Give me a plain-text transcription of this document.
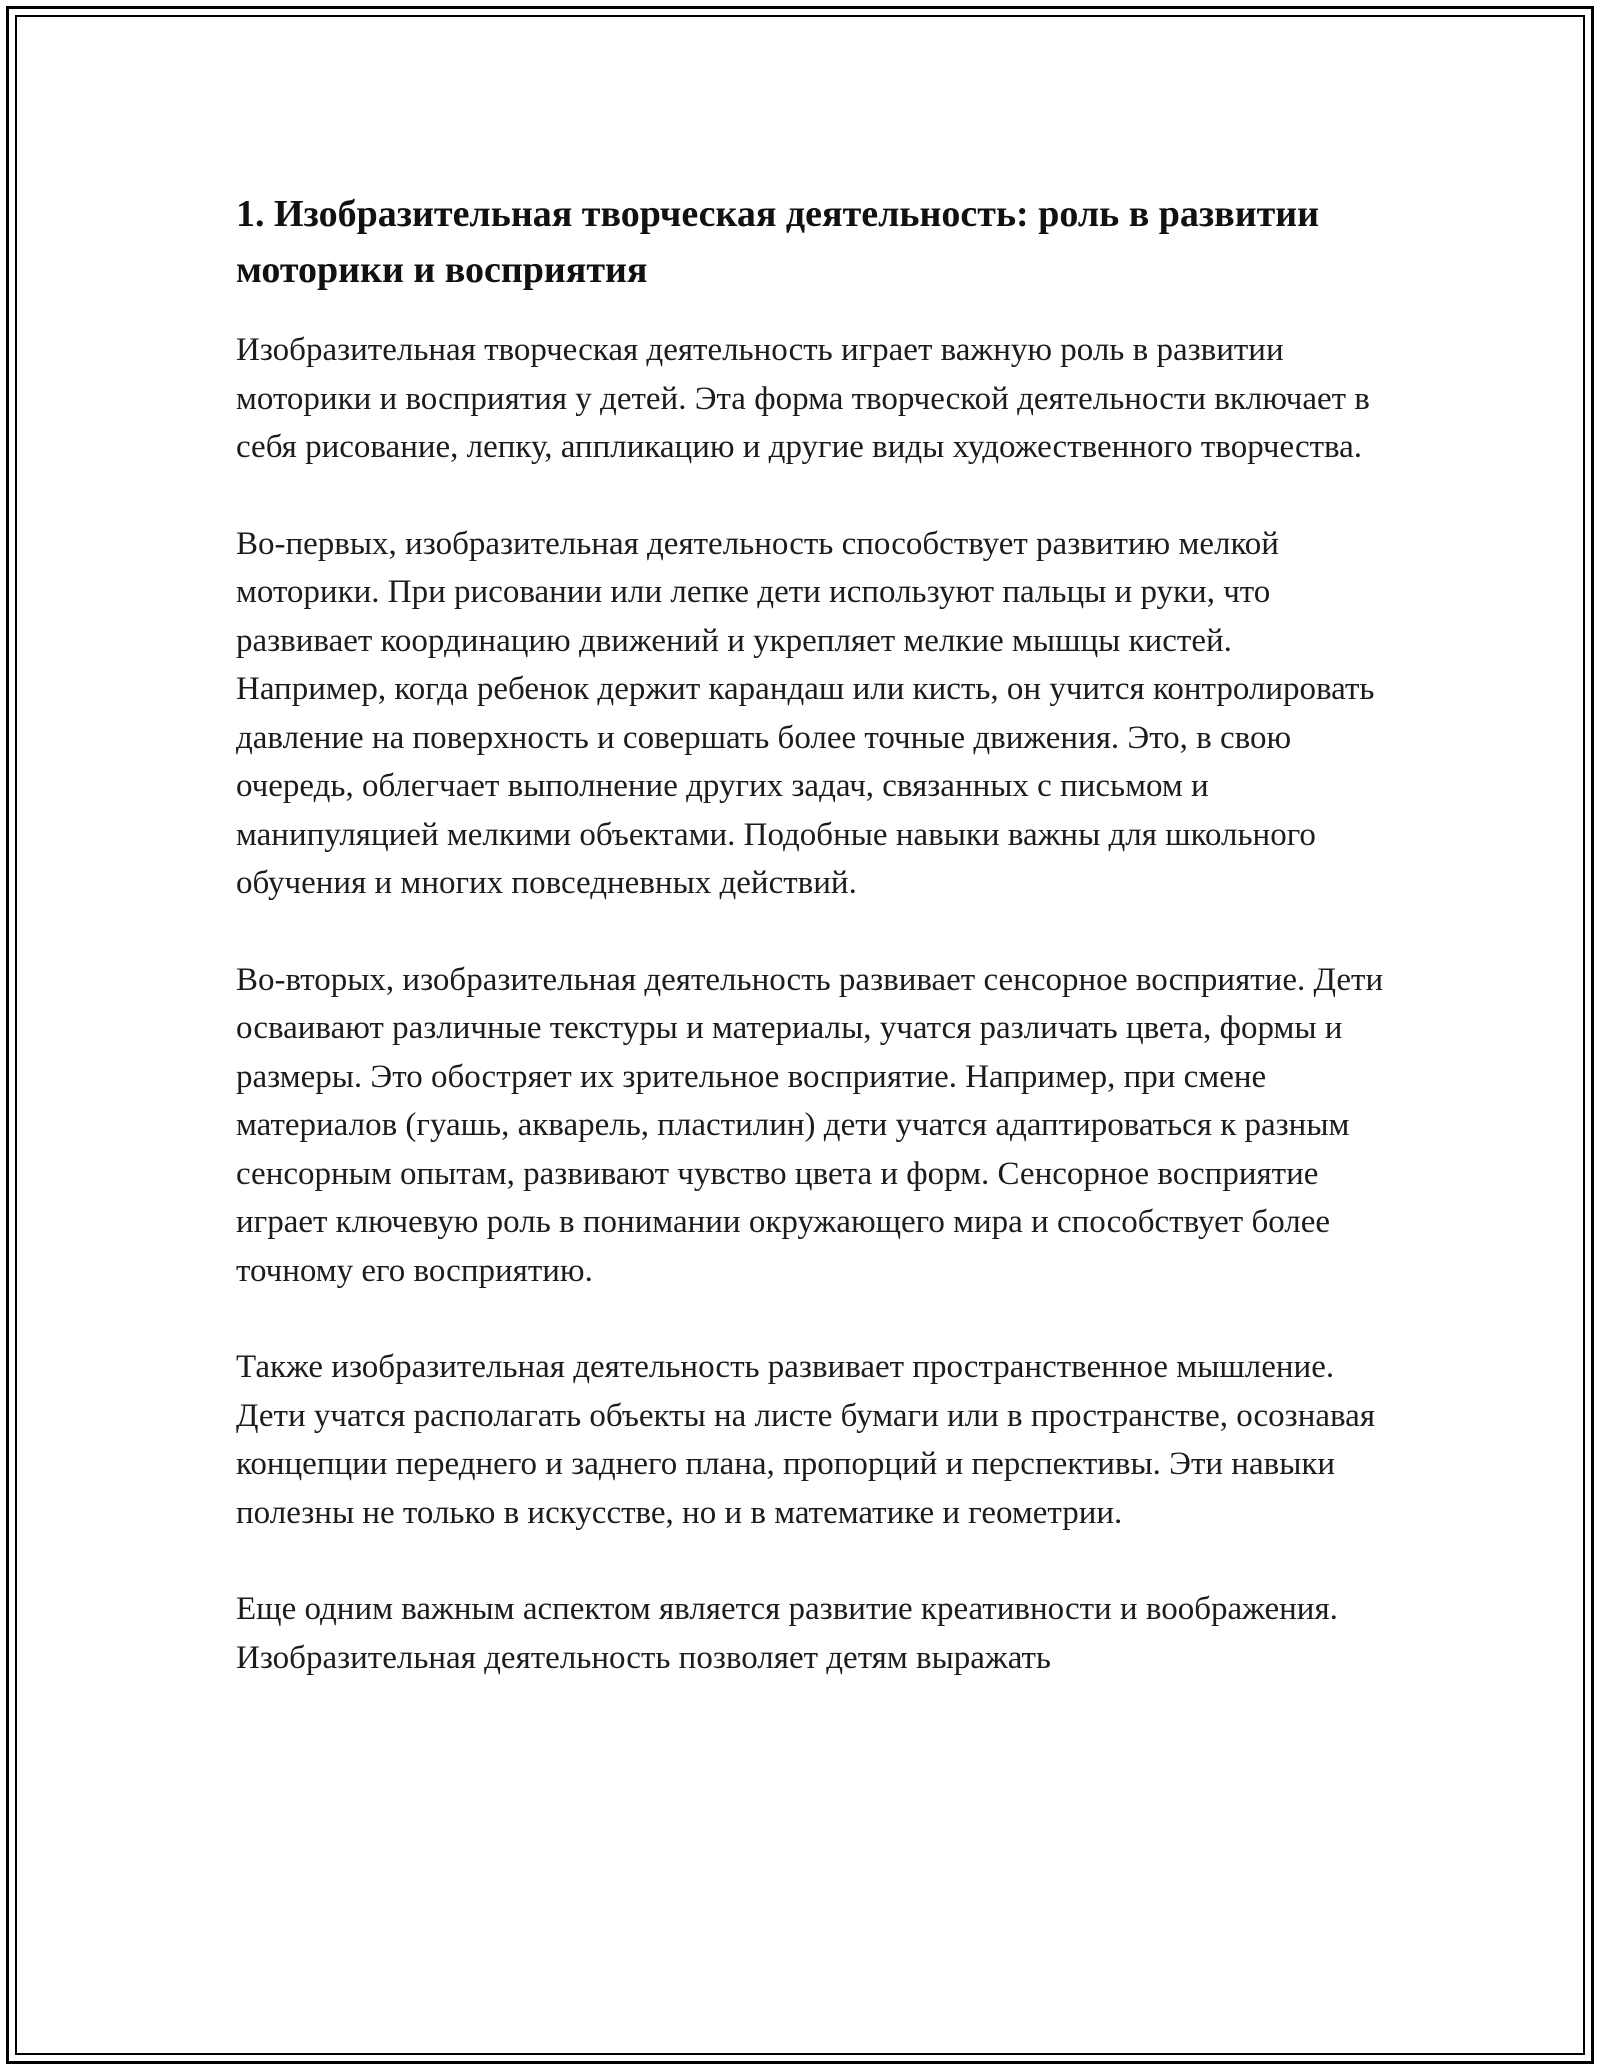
1. Изобразительная творческая деятельность: роль в развитии моторики и восприятия

Изобразительная творческая деятельность играет важную роль в развитии моторики и восприятия у детей. Эта форма творческой деятельности включает в себя рисование, лепку, аппликацию и другие виды художественного творчества.

Во-первых, изобразительная деятельность способствует развитию мелкой моторики. При рисовании или лепке дети используют пальцы и руки, что развивает координацию движений и укрепляет мелкие мышцы кистей. Например, когда ребенок держит карандаш или кисть, он учится контролировать давление на поверхность и совершать более точные движения. Это, в свою очередь, облегчает выполнение других задач, связанных с письмом и манипуляцией мелкими объектами. Подобные навыки важны для школьного обучения и многих повседневных действий.

Во-вторых, изобразительная деятельность развивает сенсорное восприятие. Дети осваивают различные текстуры и материалы, учатся различать цвета, формы и размеры. Это обостряет их зрительное восприятие. Например, при смене материалов (гуашь, акварель, пластилин) дети учатся адаптироваться к разным сенсорным опытам, развивают чувство цвета и форм. Сенсорное восприятие играет ключевую роль в понимании окружающего мира и способствует более точному его восприятию.

Также изобразительная деятельность развивает пространственное мышление. Дети учатся располагать объекты на листе бумаги или в пространстве, осознавая концепции переднего и заднего плана, пропорций и перспективы. Эти навыки полезны не только в искусстве, но и в математике и геометрии.

Еще одним важным аспектом является развитие креативности и воображения. Изобразительная деятельность позволяет детям выражать
